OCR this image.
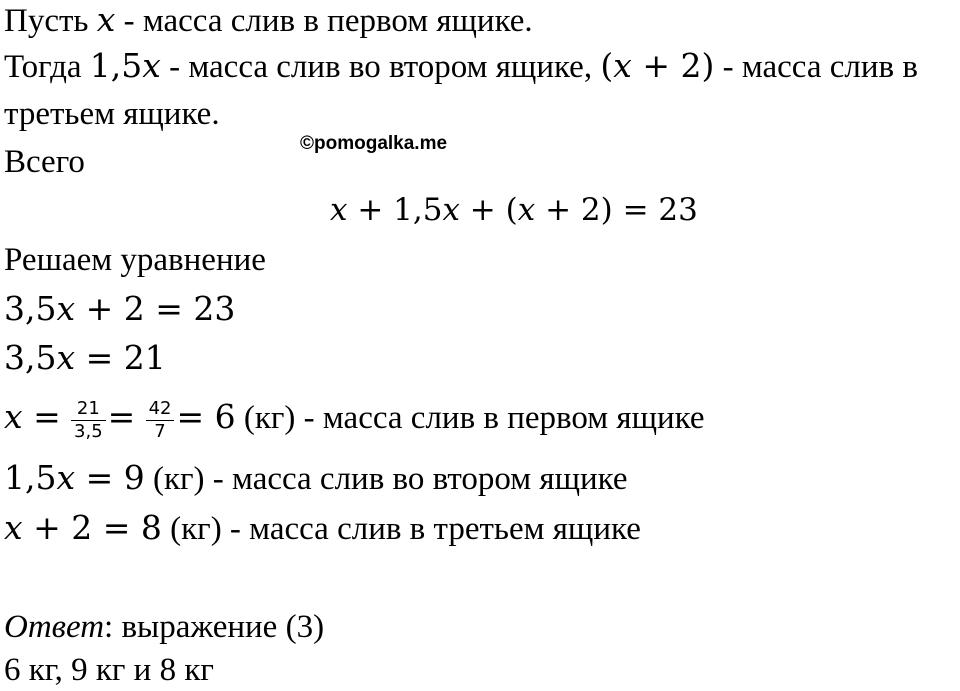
Пусть x - масса слив в первом ящике.
Тогда 1,5x - масса слив во втором ящике, (x + 2) - масса слив в
третьем ящике.
©pomogalka.me
Всего
x + 1,5x + (x + 2) = 23
Решаем уравнение
3,5x + 2 = 23
3,5x = 21
$x = \frac{21}{3,5} = \frac{42}{7} = 6$ (кг) - масса слив в первом ящике
1,5x = 9 (кг) - масса слив во втором ящике
x + 2 = 8 (кг) - масса слив в третьем ящике
Ответ: выражение (3)
6 кг, 9 кг и 8 кг
